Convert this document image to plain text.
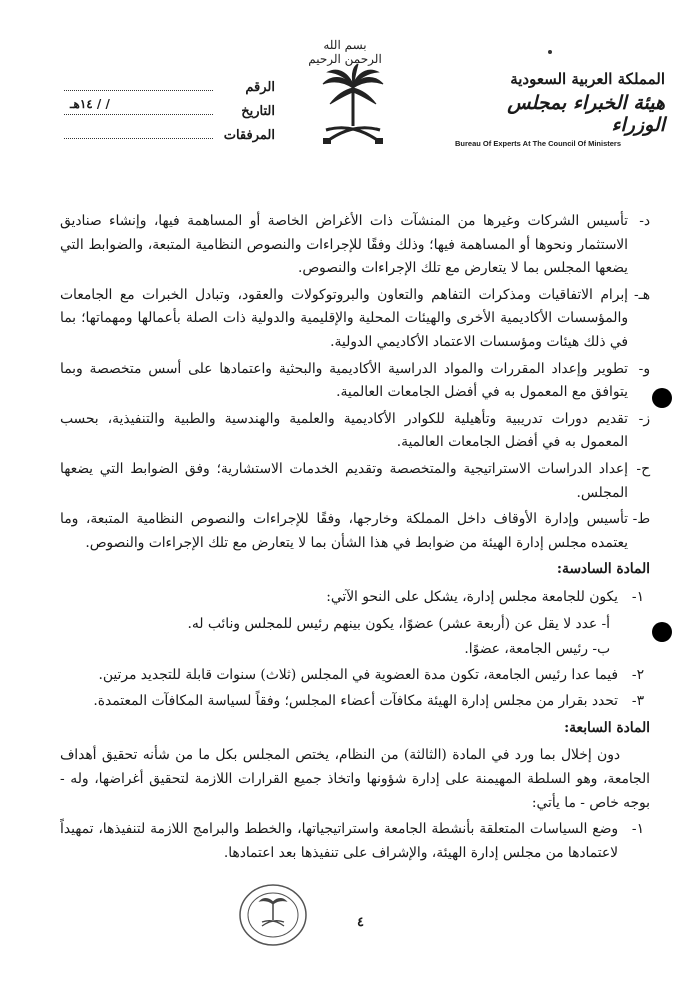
بسم الله الرحمن الرحيم
الرقم
التاريخ
/ / ١٤هـ
المرفقات
المملكة العربية السعودية
هيئة الخبراء بمجلس الوزراء
Bureau Of Experts At The Council Of Ministers
د-
تأسيس الشركات وغيرها من المنشآت ذات الأغراض الخاصة أو المساهمة فيها، وإنشاء صناديق الاستثمار ونحوها أو المساهمة فيها؛ وذلك وفقًا للإجراءات والنصوص النظامية المتبعة، والضوابط التي يضعها المجلس بما لا يتعارض مع تلك الإجراءات والنصوص.
هـ-
إبرام الاتفاقيات ومذكرات التفاهم والتعاون والبروتوكولات والعقود، وتبادل الخبرات مع الجامعات والمؤسسات الأكاديمية الأخرى والهيئات المحلية والإقليمية والدولية ذات الصلة بأعمالها ومهماتها؛ بما في ذلك هيئات ومؤسسات الاعتماد الأكاديمي الدولية.
و-
تطوير وإعداد المقررات والمواد الدراسية الأكاديمية والبحثية واعتمادها على أسس متخصصة وبما يتوافق مع المعمول به في أفضل الجامعات العالمية.
ز-
تقديم دورات تدريبية وتأهيلية للكوادر الأكاديمية والعلمية والهندسية والطبية والتنفيذية، بحسب المعمول به في أفضل الجامعات العالمية.
ح-
إعداد الدراسات الاستراتيجية والمتخصصة وتقديم الخدمات الاستشارية؛ وفق الضوابط التي يضعها المجلس.
ط-
تأسيس وإدارة الأوقاف داخل المملكة وخارجها، وفقًا للإجراءات والنصوص النظامية المتبعة، وما يعتمده مجلس إدارة الهيئة من ضوابط في هذا الشأن بما لا يتعارض مع تلك الإجراءات والنصوص.
المادة السادسة:
١-
يكون للجامعة مجلس إدارة، يشكل على النحو الآتي:
أ- عدد لا يقل عن (أربعة عشر) عضوًا، يكون بينهم رئيس للمجلس ونائب له.
ب- رئيس الجامعة، عضوًا.
٢-
فيما عدا رئيس الجامعة، تكون مدة العضوية في المجلس (ثلاث) سنوات قابلة للتجديد مرتين.
٣-
تحدد بقرار من مجلس إدارة الهيئة مكافآت أعضاء المجلس؛ وفقاً لسياسة المكافآت المعتمدة.
المادة السابعة:
دون إخلال بما ورد في المادة (الثالثة) من النظام، يختص المجلس بكل ما من شأنه تحقيق أهداف الجامعة، وهو السلطة المهيمنة على إدارة شؤونها واتخاذ جميع القرارات اللازمة لتحقيق أغراضها، وله - بوجه خاص - ما يأتي:
١-
وضع السياسات المتعلقة بأنشطة الجامعة واستراتيجياتها، والخطط والبرامج اللازمة لتنفيذها، تمهيداً لاعتمادها من مجلس إدارة الهيئة، والإشراف على تنفيذها بعد اعتمادها.
٤
